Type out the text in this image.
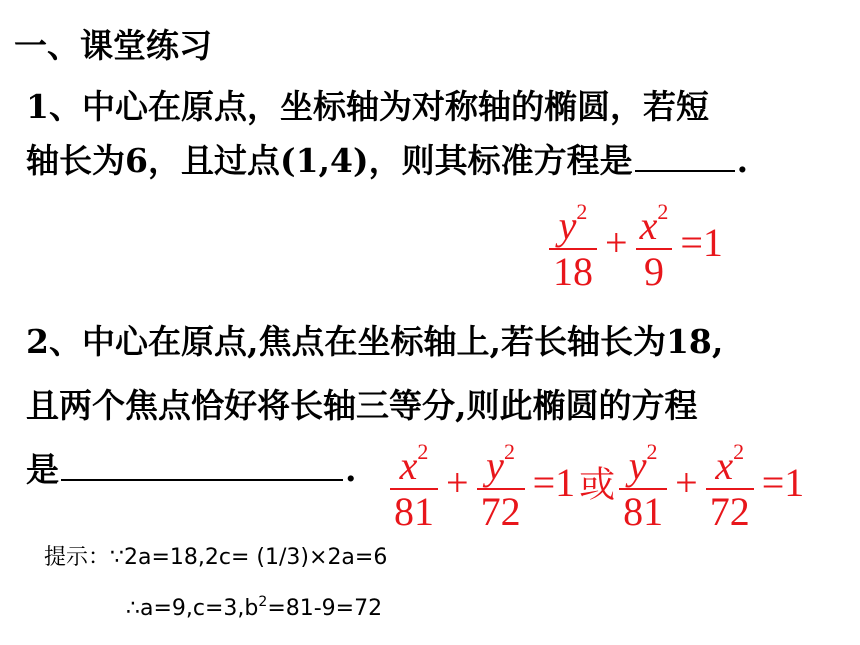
一、课堂练习
1、中心在原点，坐标轴为对称轴的椭圆，若短
轴长为6，且过点(1,4)，则其标准方程是	.
$\frac{y^2}{18} + \frac{x^2}{9} =1$
2、中心在原点,焦点在坐标轴上,若长轴长为18,
且两个焦点恰好将长轴三等分,则此椭圆的方程
是	. $\frac{x^2}{81} + \frac{y^2}{72} =1$ 或 $\frac{y^2}{81} + \frac{x^2}{72} =1$
提示：∵2a=18,2c= (1/3)×2a=6
$\therefore a=9,c=3,b^2=81-9=72$
